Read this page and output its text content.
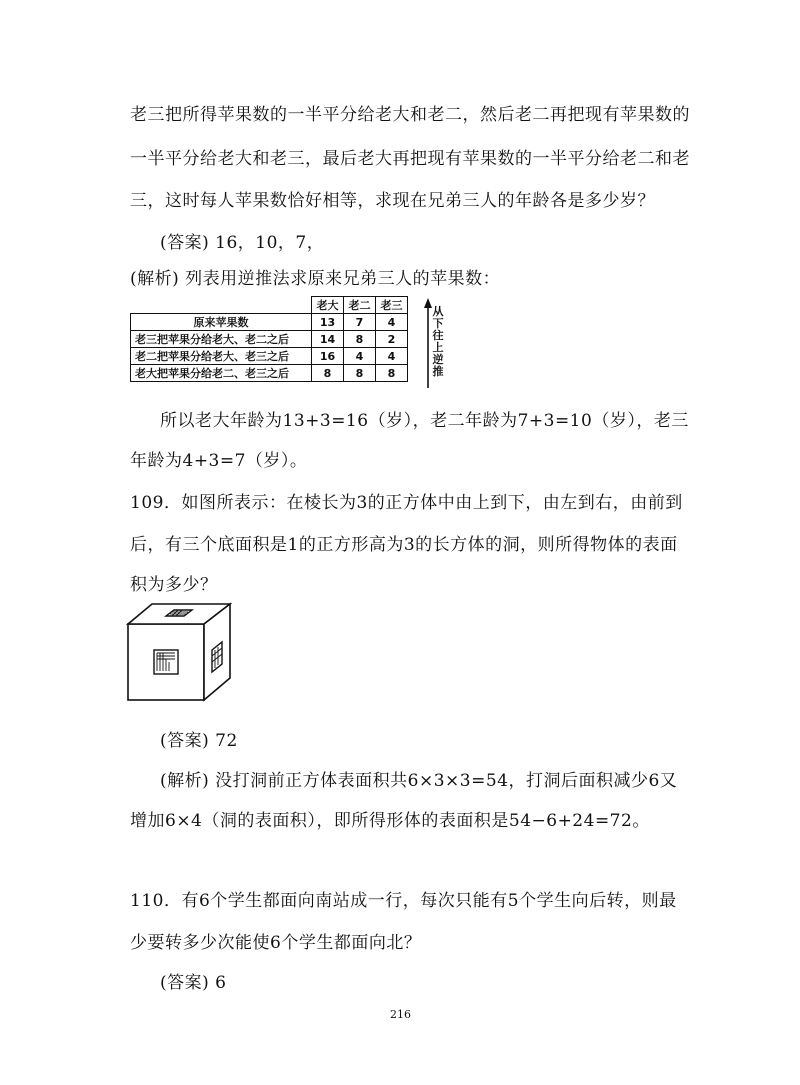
老三把所得苹果数的一半平分给老大和老二，然后老二再把现有苹果数的
一半平分给老大和老三，最后老大再把现有苹果数的一半平分给老二和老
三，这时每人苹果数恰好相等，求现在兄弟三人的年龄各是多少岁？
(答案) 16，10，7，
(解析) 列表用逆推法求原来兄弟三人的苹果数：
	老大	老二	老三
原来苹果数	13	7	4
老三把苹果分给老大、老二之后	14	8	2
老二把苹果分给老大、老三之后	16	4	4
老大把苹果分给老二、老三之后	8	8	8
从
下
往
上
逆
推
所以老大年龄为13+3=16（岁），老二年龄为7+3=10（岁），老三
年龄为4+3=7（岁）。
109．如图所表示：在棱长为3的正方体中由上到下，由左到右，由前到
后，有三个底面积是1的正方形高为3的长方体的洞，则所得物体的表面
积为多少？
(答案) 72
(解析) 没打洞前正方体表面积共6×3×3=54，打洞后面积减少6又
增加6×4（洞的表面积），即所得形体的表面积是54−6+24=72。
110．有6个学生都面向南站成一行，每次只能有5个学生向后转，则最
少要转多少次能使6个学生都面向北？
(答案) 6
216
